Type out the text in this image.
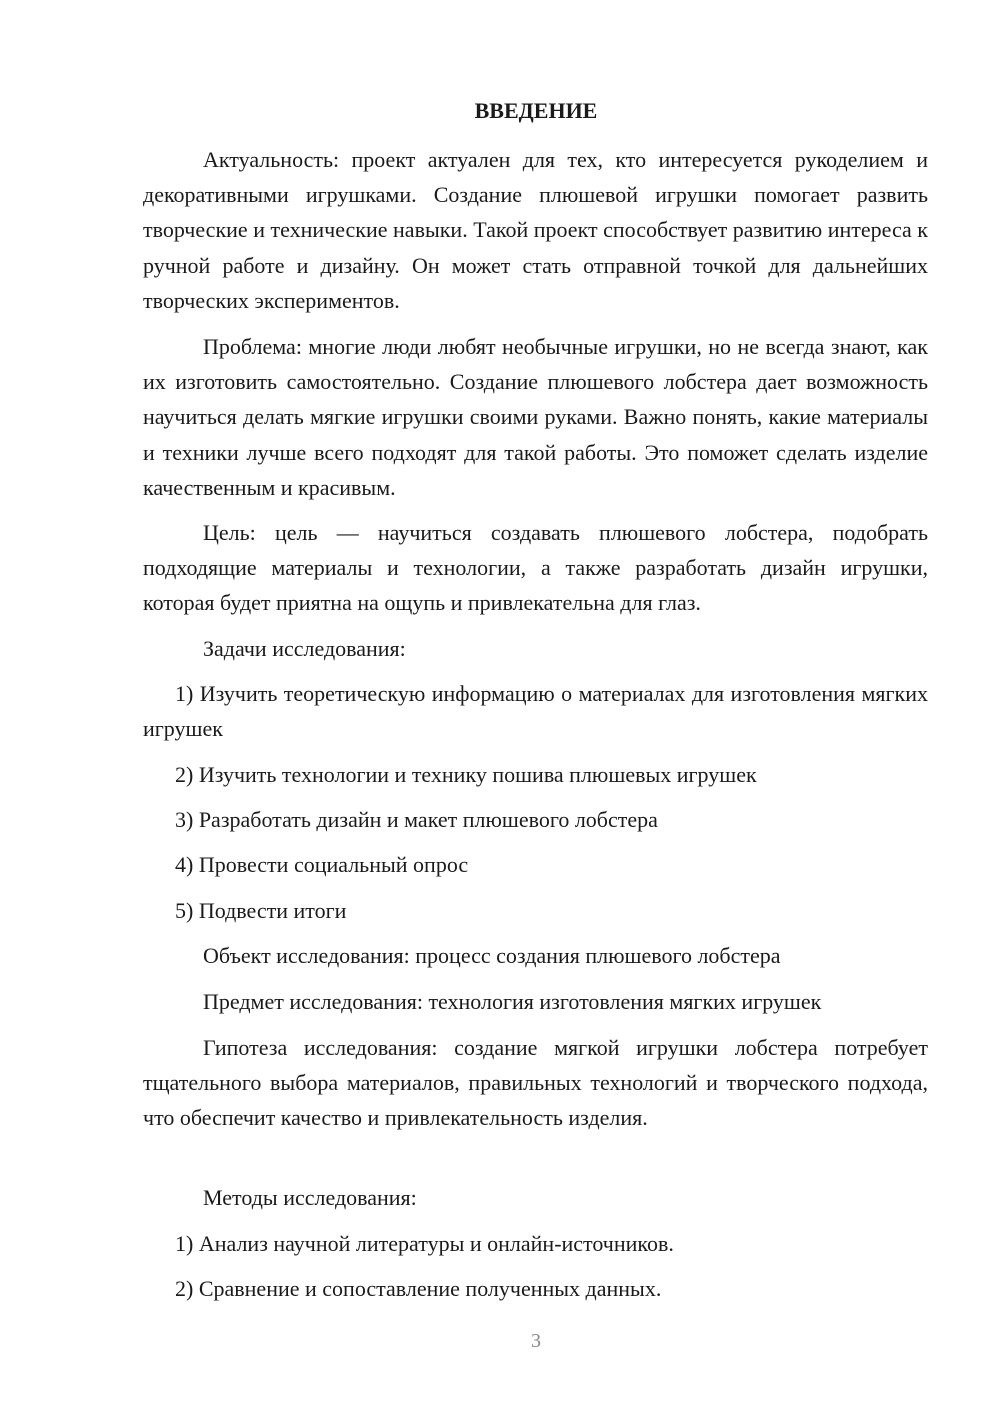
ВВЕДЕНИЕ

Актуальность: проект актуален для тех, кто интересуется рукоделием и декоративными игрушками. Создание плюшевой игрушки помогает развить творческие и технические навыки. Такой проект способствует развитию интереса к ручной работе и дизайну. Он может стать отправной точкой для дальнейших творческих экспериментов.

Проблема: многие люди любят необычные игрушки, но не всегда знают, как их изготовить самостоятельно. Создание плюшевого лобстера дает возможность научиться делать мягкие игрушки своими руками. Важно понять, какие материалы и техники лучше всего подходят для такой работы. Это поможет сделать изделие качественным и красивым.

Цель: цель — научиться создавать плюшевого лобстера, подобрать подходящие материалы и технологии, а также разработать дизайн игрушки, которая будет приятна на ощупь и привлекательна для глаз.

Задачи исследования:

1) Изучить теоретическую информацию о материалах для изготовления мягких игрушек

2) Изучить технологии и технику пошива плюшевых игрушек

3) Разработать дизайн и макет плюшевого лобстера

4) Провести социальный опрос

5) Подвести итоги

Объект исследования: процесс создания плюшевого лобстера

Предмет исследования: технология изготовления мягких игрушек

Гипотеза исследования: создание мягкой игрушки лобстера потребует тщательного выбора материалов, правильных технологий и творческого подхода, что обеспечит качество и привлекательность изделия.

Методы исследования:

1) Анализ научной литературы и онлайн-источников.

2) Сравнение и сопоставление полученных данных.

3
